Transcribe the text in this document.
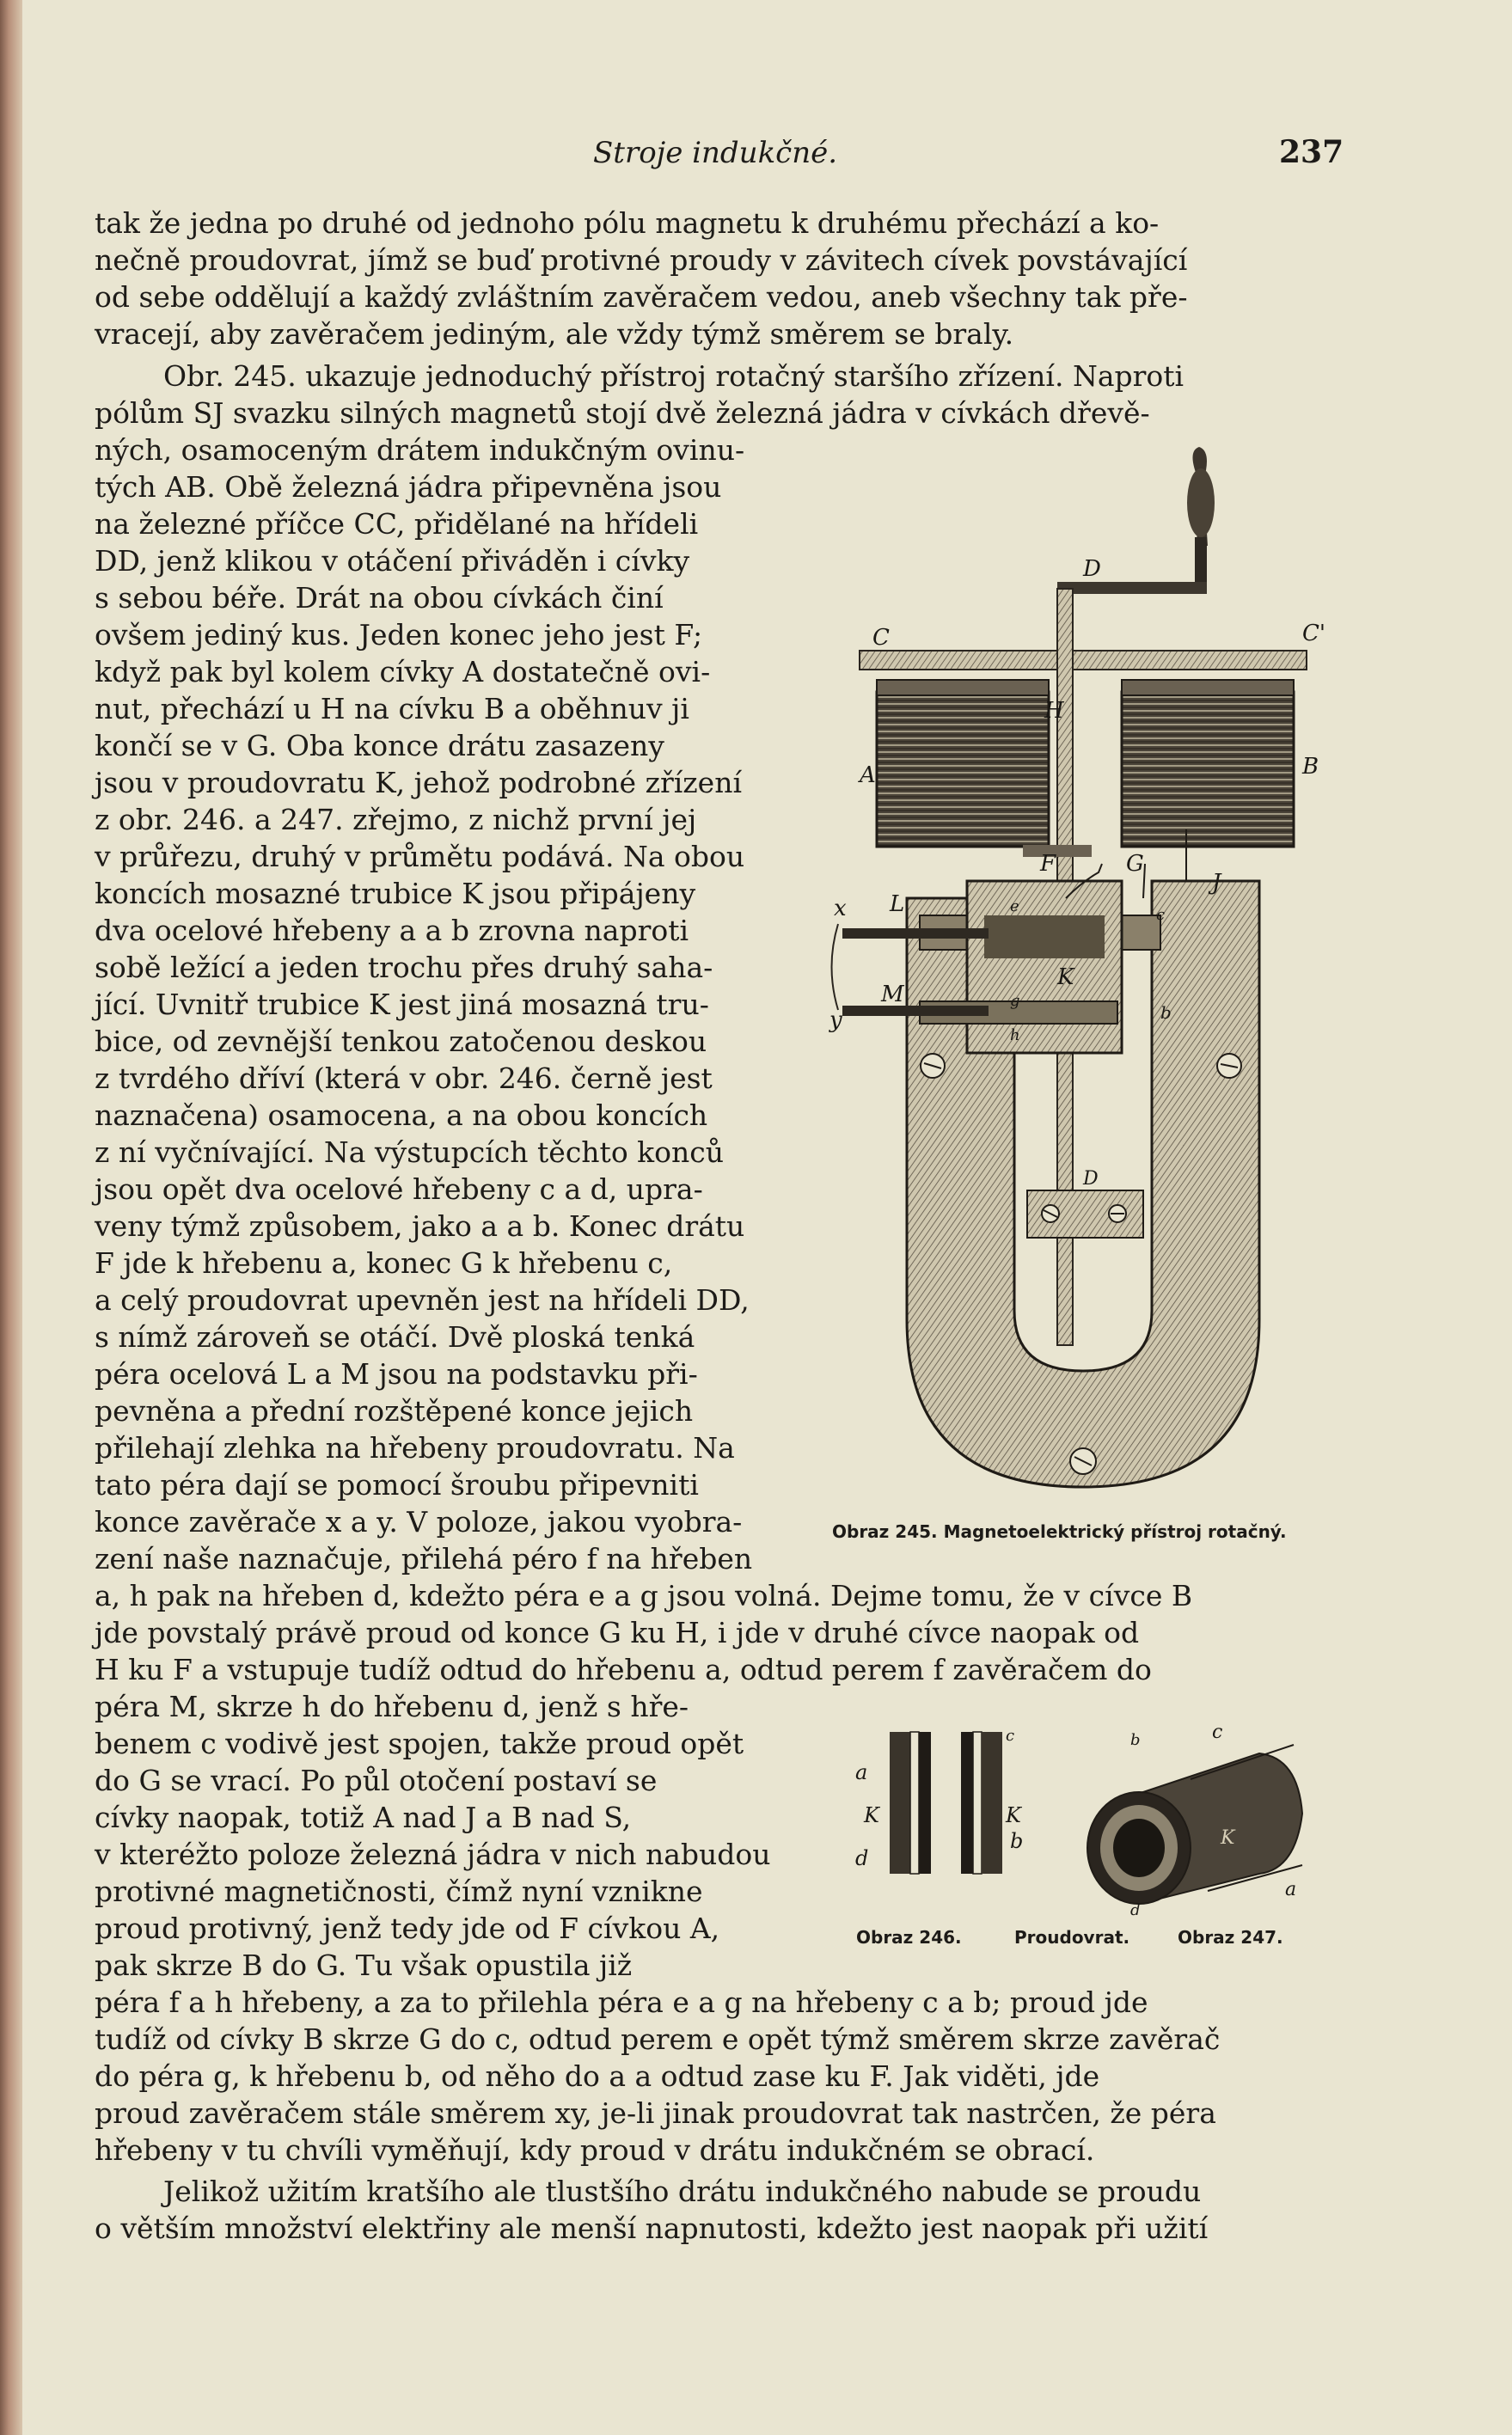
Stroje indukčné.	237
tak že jedna po druhé od jednoho pólu magnetu k druhému přechází a ko-
nečně proudovrat, jímž se buď protivné proudy v závitech cívek povstávající
od sebe oddělují a každý zvláštním zavěračem vedou, aneb všechny tak pře-
vracejí, aby zavěračem jediným, ale vždy týmž směrem se braly.
Obr. 245. ukazuje jednoduchý přístroj rotačný staršího zřízení. Naproti
pólům SJ svazku silných magnetů stojí dvě železná jádra v cívkách dřevě-
ných, osamoceným drátem indukčným ovinu-
tých AB. Obě železná jádra připevněna jsou
na železné příčce CC, přidělané na hřídeli
DD, jenž klikou v otáčení přiváděn i cívky
s sebou béře. Drát na obou cívkách činí
ovšem jediný kus. Jeden konec jeho jest F;
když pak byl kolem cívky A dostatečně ovi-
nut, přechází u H na cívku B a oběhnuv ji
končí se v G. Oba konce drátu zasazeny
jsou v proudovratu K, jehož podrobné zřízení
z obr. 246. a 247. zřejmo, z nichž první jej
v průřezu, druhý v průmětu podává. Na obou
koncích mosazné trubice K jsou připájeny
dva ocelové hřebeny a a b zrovna naproti
sobě ležící a jeden trochu přes druhý saha-
jící. Uvnitř trubice K jest jiná mosazná tru-
bice, od zevnější tenkou zatočenou deskou
z tvrdého dříví (která v obr. 246. černě jest
naznačena) osamocena, a na obou koncích
z ní vyčnívající. Na výstupcích těchto konců
jsou opět dva ocelové hřebeny c a d, upra-
veny týmž způsobem, jako a a b. Konec drátu
F jde k hřebenu a, konec G k hřebenu c,
a celý proudovrat upevněn jest na hřídeli DD,
s nímž zároveň se otáčí. Dvě ploská tenká
péra ocelová L a M jsou na podstavku při-
pevněna a přední rozštěpené konce jejich
přilehají zlehka na hřebeny proudovratu. Na
tato péra dají se pomocí šroubu připevniti
konce zavěrače x a y. V poloze, jakou vyobra-
zení naše naznačuje, přilehá péro f na hřeben
a, h pak na hřeben d, kdežto péra e a g jsou volná. Dejme tomu, že v cívce B
jde povstalý právě proud od konce G ku H, i jde v druhé cívce naopak od
H ku F a vstupuje tudíž odtud do hřebenu a, odtud perem f zavěračem do
péra M, skrze h do hřebenu d, jenž s hře-
benem c vodivě jest spojen, takže proud opět
do G se vrací. Po půl otočení postaví se
cívky naopak, totiž A nad J a B nad S,
v kteréžto poloze železná jádra v nich nabudou
protivné magnetičnosti, čímž nyní vznikne
proud protivný, jenž tedy jde od F cívkou A,
pak skrze B do G. Tu však opustila již
péra f a h hřebeny, a za to přilehla péra e a g na hřebeny c a b; proud jde
tudíž od cívky B skrze G do c, odtud perem e opět týmž směrem skrze zavěrač
do péra g, k hřebenu b, od něho do a a odtud zase ku F. Jak viděti, jde
proud zavěračem stále směrem xy, je-li jinak proudovrat tak nastrčen, že péra
hřebeny v tu chvíli vyměňují, kdy proud v drátu indukčném se obrací.
Jelikož užitím kratšího ale tlustšího drátu indukčného nabude se proudu
o větším množství elektřiny ale menší napnutosti, kdežto jest naopak při užití
D
C	C'
A	B
H
F	G
J
L
M
K
x
y
e	c
g
h
b
D
Obraz 245. Magnetoelektrický přístroj rotačný.
a
c
K	K
b
d
b	c
K
a
d
Obraz 246.	Proudovrat.	Obraz 247.
